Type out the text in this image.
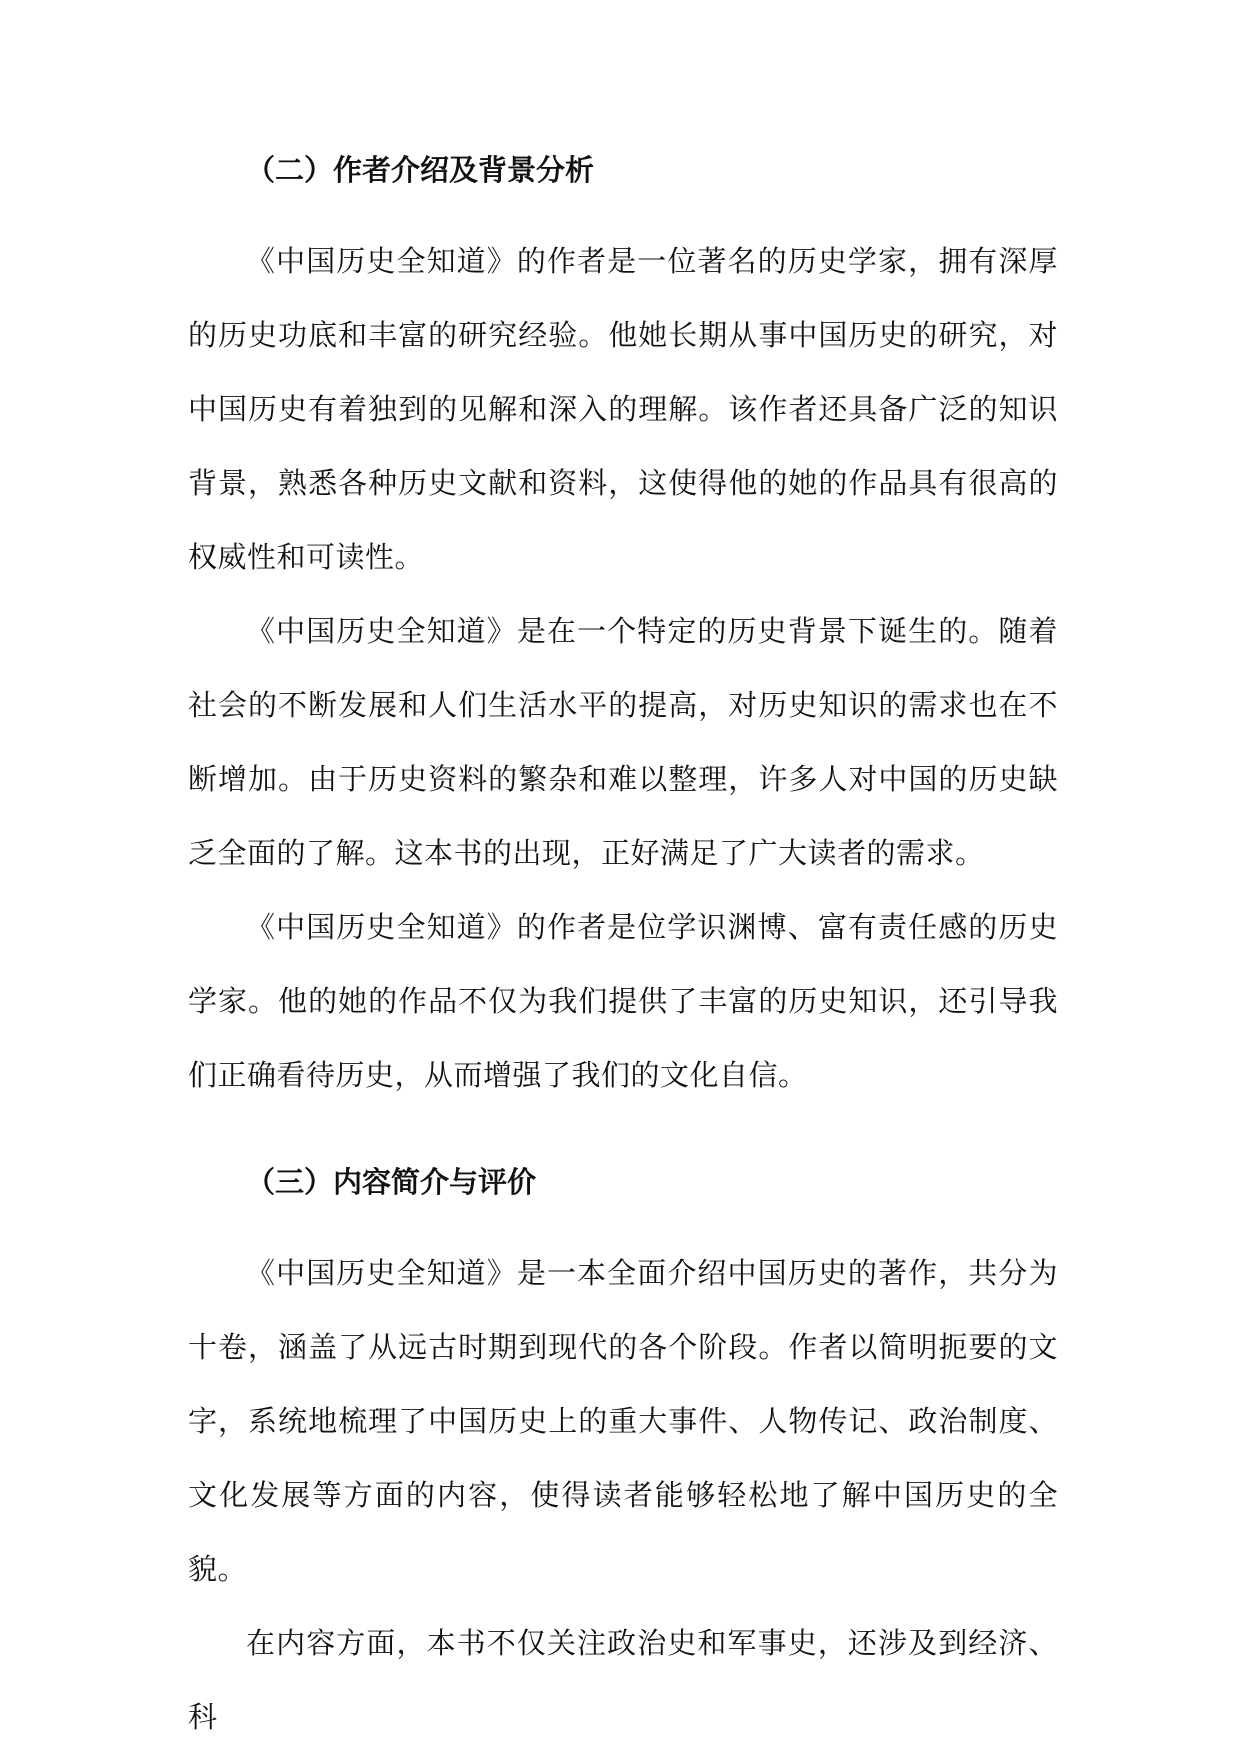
（二）作者介绍及背景分析

《中国历史全知道》的作者是一位著名的历史学家，拥有深厚的历史功底和丰富的研究经验。他她长期从事中国历史的研究，对中国历史有着独到的见解和深入的理解。该作者还具备广泛的知识背景，熟悉各种历史文献和资料，这使得他的她的作品具有很高的权威性和可读性。

《中国历史全知道》是在一个特定的历史背景下诞生的。随着社会的不断发展和人们生活水平的提高，对历史知识的需求也在不断增加。由于历史资料的繁杂和难以整理，许多人对中国的历史缺乏全面的了解。这本书的出现，正好满足了广大读者的需求。

《中国历史全知道》的作者是位学识渊博、富有责任感的历史学家。他的她的作品不仅为我们提供了丰富的历史知识，还引导我们正确看待历史，从而增强了我们的文化自信。

（三）内容简介与评价

《中国历史全知道》是一本全面介绍中国历史的著作，共分为十卷，涵盖了从远古时期到现代的各个阶段。作者以简明扼要的文字，系统地梳理了中国历史上的重大事件、人物传记、政治制度、文化发展等方面的内容，使得读者能够轻松地了解中国历史的全貌。

在内容方面，本书不仅关注政治史和军事史，还涉及到经济、科
